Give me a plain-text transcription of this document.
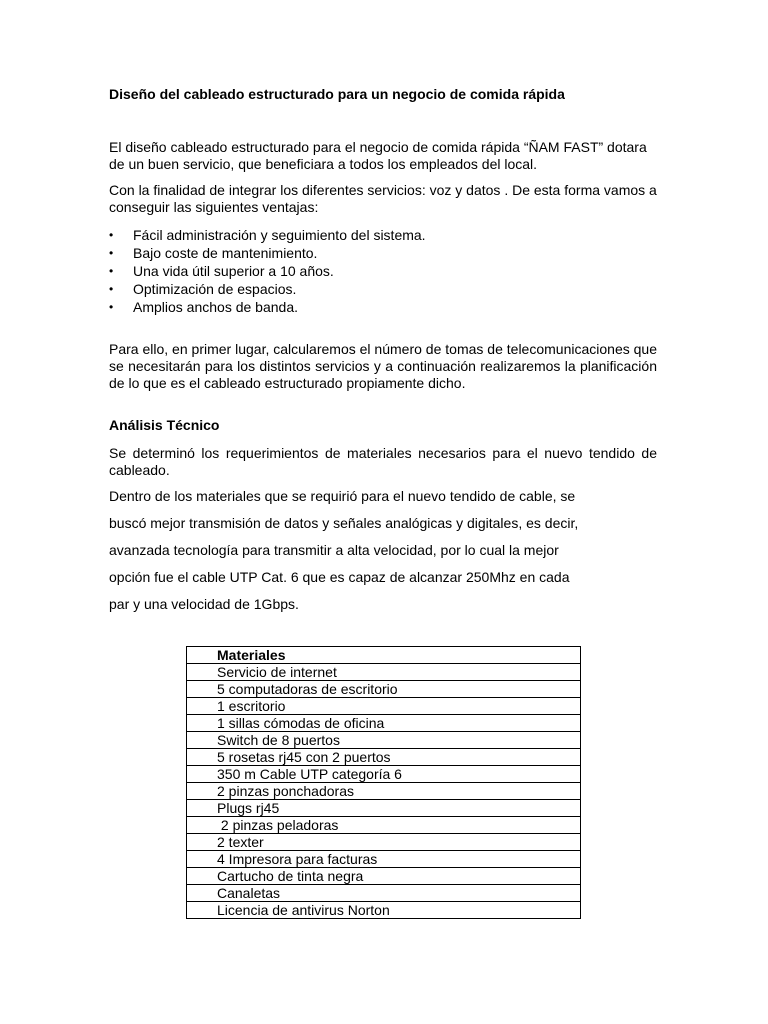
Diseño del cableado estructurado para un negocio de comida rápida

El diseño cableado estructurado para el negocio de comida rápida “ÑAM FAST” dotara de un buen servicio, que beneficiara a todos los empleados del local.

Con la finalidad de integrar los diferentes servicios: voz y datos . De esta forma vamos a conseguir las siguientes ventajas:

• Fácil administración y seguimiento del sistema.
• Bajo coste de mantenimiento.
• Una vida útil superior a 10 años.
• Optimización de espacios.
• Amplios anchos de banda.

Para ello, en primer lugar, calcularemos el número de tomas de telecomunicaciones que se necesitarán para los distintos servicios y a continuación realizaremos la planificación de lo que es el cableado estructurado propiamente dicho.

Análisis Técnico

Se determinó los requerimientos de materiales necesarios para el nuevo tendido de cableado.

Dentro de los materiales que se requirió para el nuevo tendido de cable, se
buscó mejor transmisión de datos y señales analógicas y digitales, es decir,
avanzada tecnología para transmitir a alta velocidad, por lo cual la mejor
opción fue el cable UTP Cat. 6 que es capaz de alcanzar 250Mhz en cada
par y una velocidad de 1Gbps.
Materiales
Servicio de internet
5 computadoras de escritorio
1 escritorio
1 sillas cómodas de oficina
Switch de 8 puertos
5 rosetas rj45 con 2 puertos
350 m Cable UTP categoría 6
2 pinzas ponchadoras
Plugs rj45
2 pinzas peladoras
2 texter
4 Impresora para facturas
Cartucho de tinta negra
Canaletas
Licencia de antivirus Norton
